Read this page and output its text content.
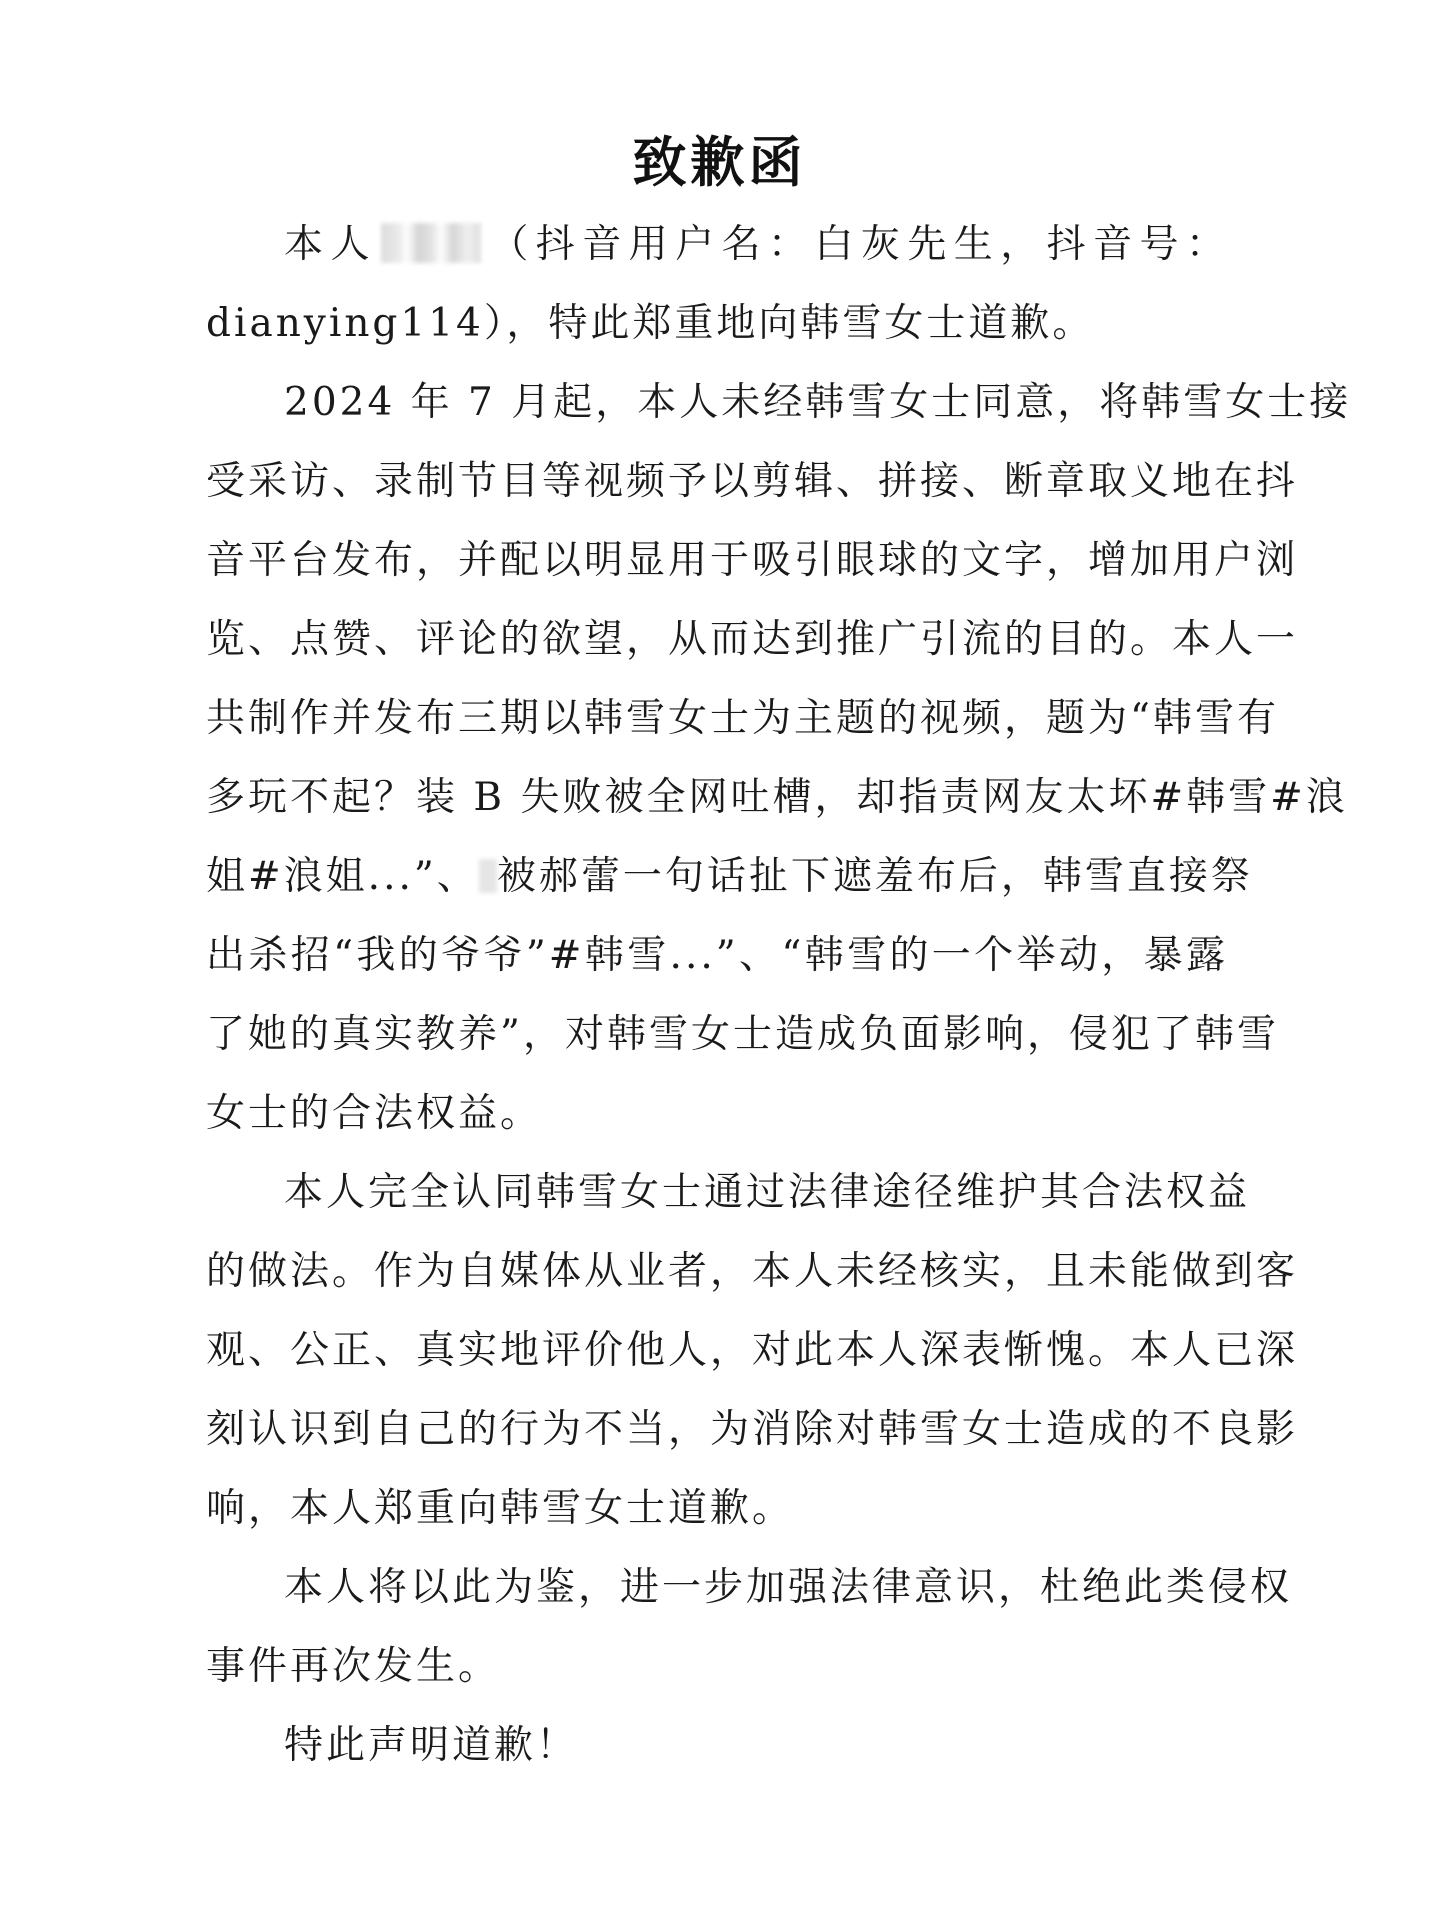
致歉函
本人	（抖音用户名：白灰先生，抖音号：
dianying114），特此郑重地向韩雪女士道歉。
2024 年 7 月起，本人未经韩雪女士同意，将韩雪女士接
受采访、录制节目等视频予以剪辑、拼接、断章取义地在抖
音平台发布，并配以明显用于吸引眼球的文字，增加用户浏
览、点赞、评论的欲望，从而达到推广引流的目的。本人一
共制作并发布三期以韩雪女士为主题的视频，题为“韩雪有
多玩不起？装 B 失败被全网吐槽，却指责网友太坏#韩雪#浪
姐#浪姐...”、 被郝蕾一句话扯下遮羞布后，韩雪直接祭
出杀招“我的爷爷”#韩雪...”、“韩雪的一个举动，暴露
了她的真实教养”，对韩雪女士造成负面影响，侵犯了韩雪
女士的合法权益。
本人完全认同韩雪女士通过法律途径维护其合法权益
的做法。作为自媒体从业者，本人未经核实，且未能做到客
观、公正、真实地评价他人，对此本人深表惭愧。本人已深
刻认识到自己的行为不当，为消除对韩雪女士造成的不良影
响，本人郑重向韩雪女士道歉。
本人将以此为鉴，进一步加强法律意识，杜绝此类侵权
事件再次发生。
特此声明道歉！
